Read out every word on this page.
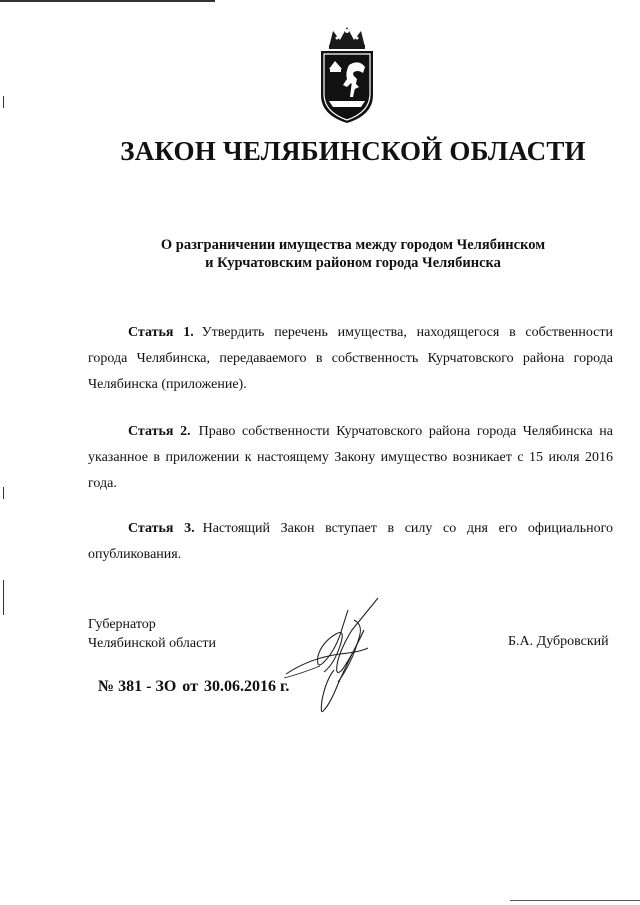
ЗАКОН ЧЕЛЯБИНСКОЙ ОБЛАСТИ
О разграничении имущества между городом Челябинском
и Курчатовским районом города Челябинска
Статья 1. Утвердить перечень имущества, находящегося в собственности города Челябинска, передаваемого в собственность Курчатовского района города Челябинска (приложение).
Статья 2. Право собственности Курчатовского района города Челябинска на указанное в приложении к настоящему Закону имущество возникает с 15 июля 2016 года.
Статья 3. Настоящий Закон вступает в силу со дня его официального опубликования.
Губернатор
Челябинской области	Б.А. Дубровский
№ 381 - ЗО от 30.06.2016 г.
